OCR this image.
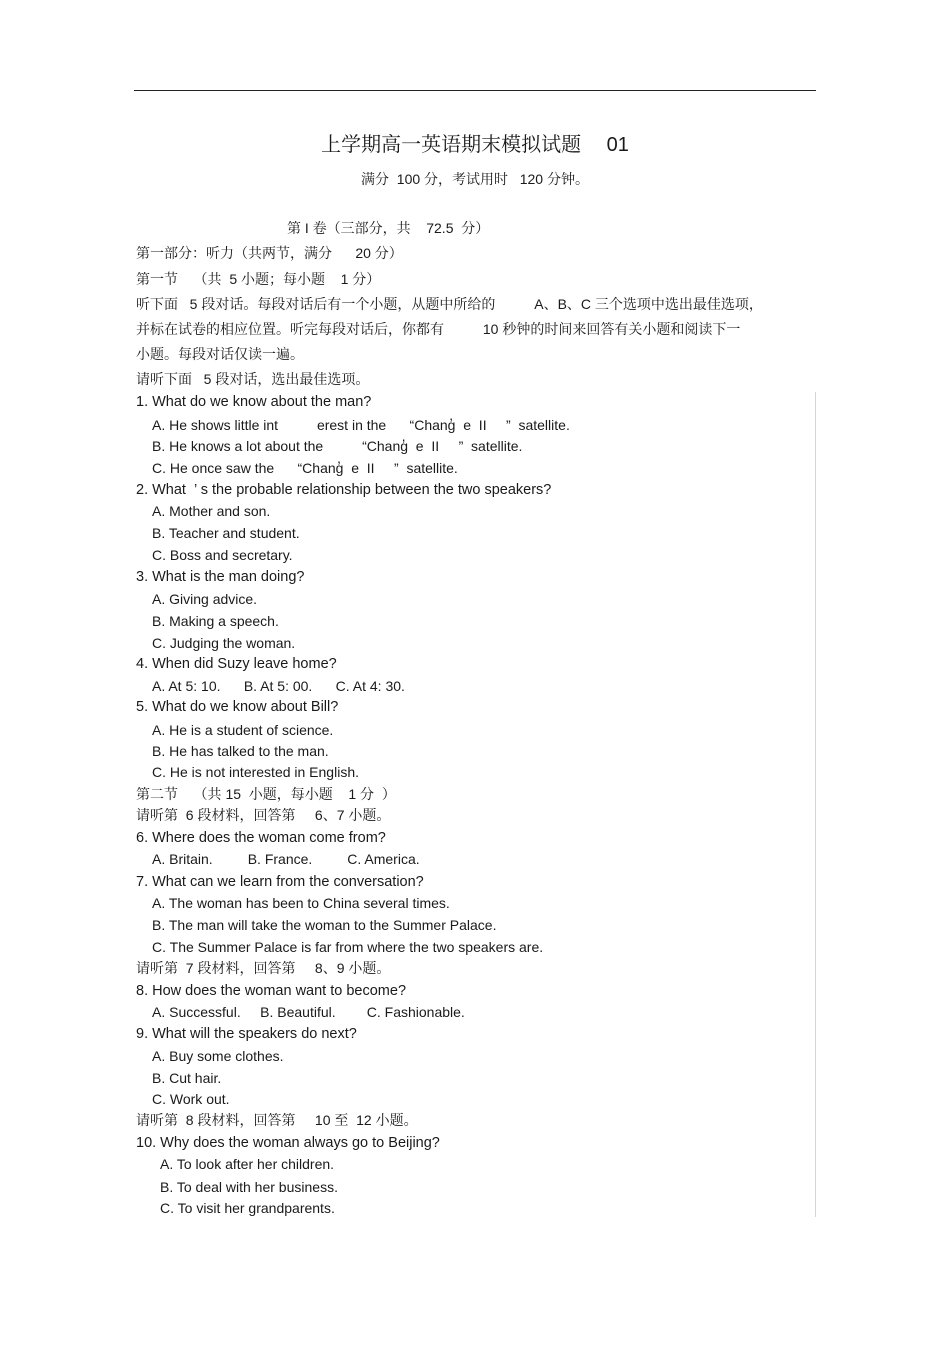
上学期高一英语期末模拟试题　 01
满分  100 分，考试用时   120 分钟。
第 I 卷（三部分，共    72.5  分）
第一部分：听力（共两节，满分      20 分）
第一节    （共  5 小题；每小题    1 分）
听下面   5 段对话。每段对话后有一个小题，从题中所给的          A、B、C 三个选项中选出最佳选项，
并标在试卷的相应位置。听完每段对话后，你都有          10 秒钟的时间来回答有关小题和阅读下一
小题。每段对话仅读一遍。
请听下面   5 段对话，选出最佳选项。
1. What do we know about the man?
A. He shows little int          erest in the      “Chang̓  e  II     ”  satellite.
B. He knows a lot about the          “Chang̓  e  II     ”  satellite.
C. He once saw the      “Chang̓  e  II     ”  satellite.
2. What  ’ s the probable relationship between the two speakers?
A. Mother and son.
B. Teacher and student.
C. Boss and secretary.
3. What is the man doing?
A. Giving advice.
B. Making a speech.
C. Judging the woman.
4. When did Suzy leave home?
A. At 5: 10.      B. At 5: 00.      C. At 4: 30.
5. What do we know about Bill?
A. He is a student of science.
B. He has talked to the man.
C. He is not interested in English.
第二节    （共 15  小题，每小题    1 分  ）
请听第  6 段材料，回答第     6、7 小题。
6. Where does the woman come from?
A. Britain.         B. France.         C. America.
7. What can we learn from the conversation?
A. The woman has been to China several times.
B. The man will take the woman to the Summer Palace.
C. The Summer Palace is far from where the two speakers are.
请听第  7 段材料，回答第     8、9 小题。
8. How does the woman want to become?
A. Successful.     B. Beautiful.        C. Fashionable.
9. What will the speakers do next?
A. Buy some clothes.
B. Cut hair.
C. Work out.
请听第  8 段材料，回答第     10 至  12 小题。
10. Why does the woman always go to Beijing?
A. To look after her children.
B. To deal with her business.
C. To visit her grandparents.
